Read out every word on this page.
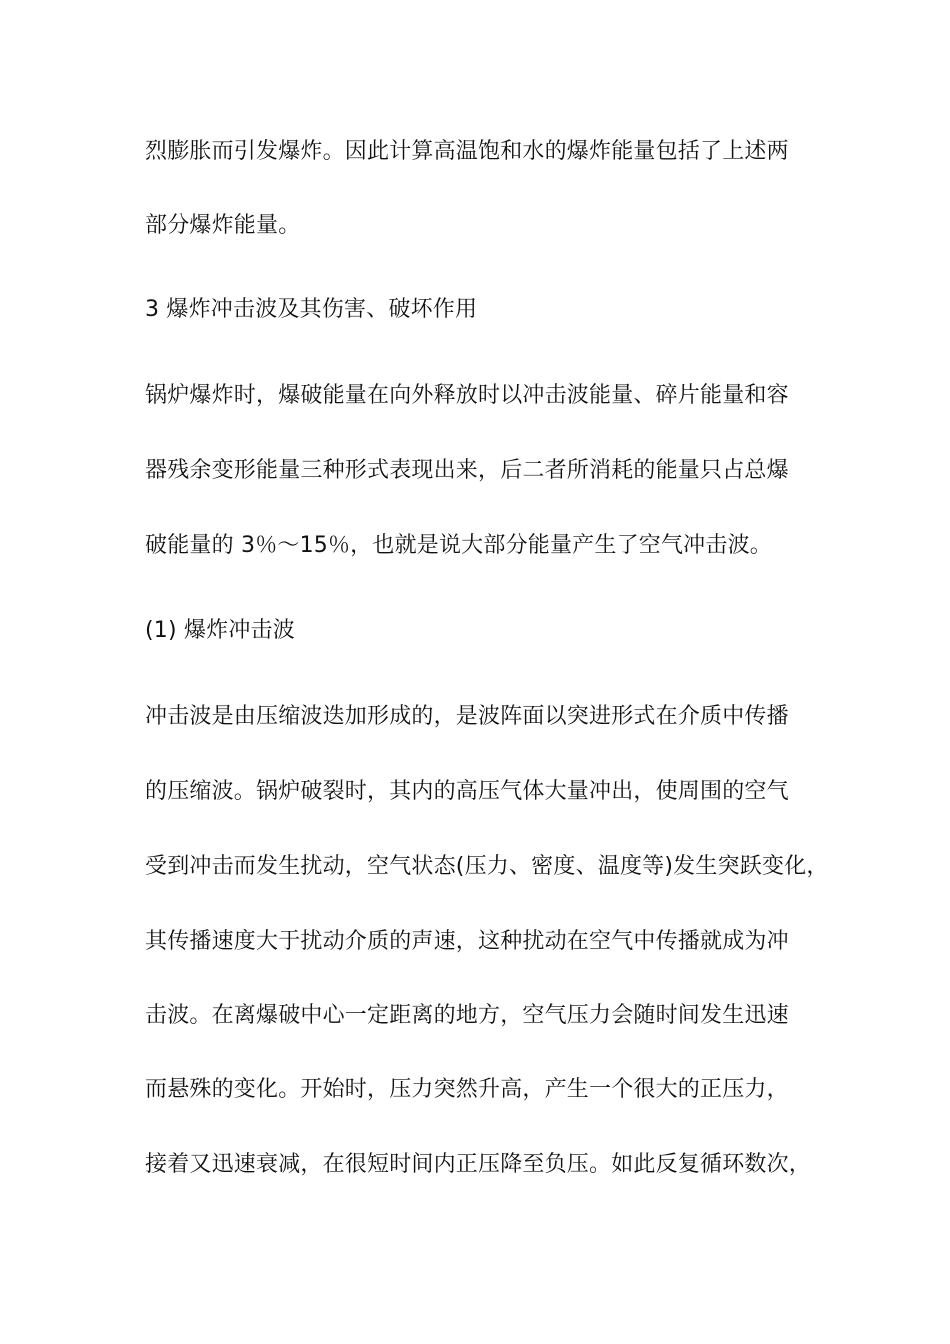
烈膨胀而引发爆炸。因此计算高温饱和水的爆炸能量包括了上述两
部分爆炸能量。
3 爆炸冲击波及其伤害、破坏作用
锅炉爆炸时，爆破能量在向外释放时以冲击波能量、碎片能量和容
器残余变形能量三种形式表现出来，后二者所消耗的能量只占总爆
破能量的 3％～15％，也就是说大部分能量产生了空气冲击波。
(1) 爆炸冲击波
冲击波是由压缩波迭加形成的，是波阵面以突进形式在介质中传播
的压缩波。锅炉破裂时，其内的高压气体大量冲出，使周围的空气
受到冲击而发生扰动，空气状态(压力、密度、温度等)发生突跃变化，
其传播速度大于扰动介质的声速，这种扰动在空气中传播就成为冲
击波。在离爆破中心一定距离的地方，空气压力会随时间发生迅速
而悬殊的变化。开始时，压力突然升高，产生一个很大的正压力，
接着又迅速衰减，在很短时间内正压降至负压。如此反复循环数次，
